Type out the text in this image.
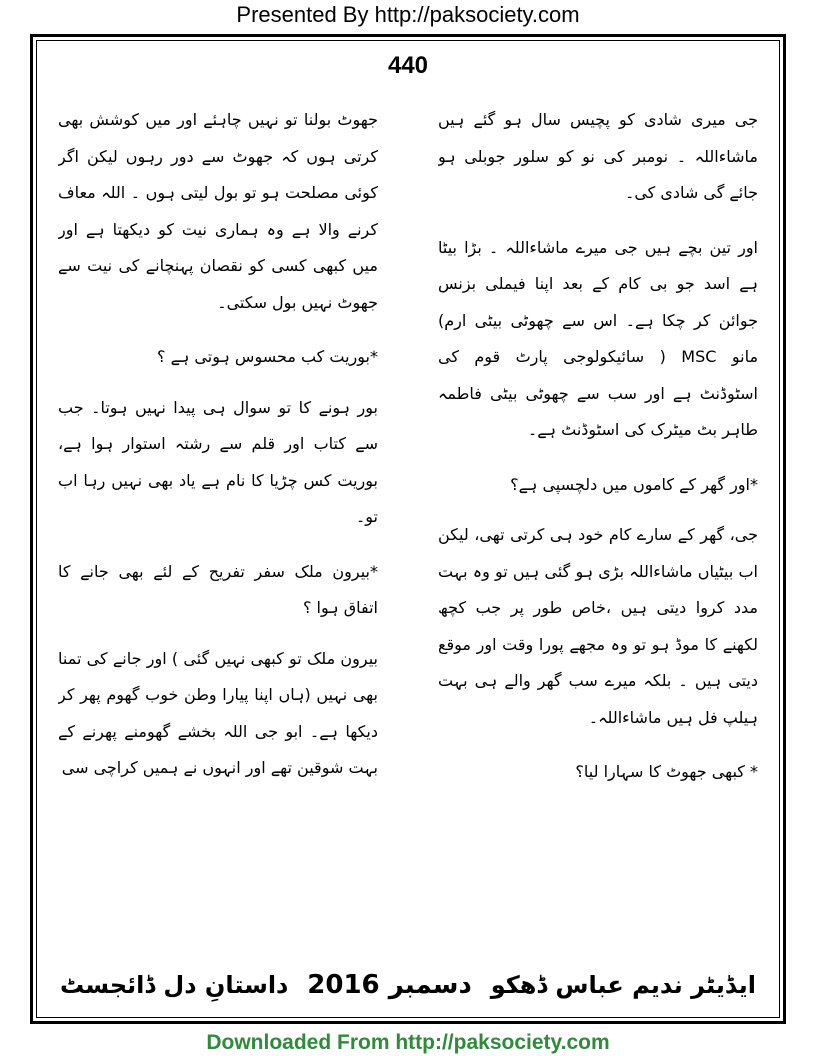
Presented By http://paksociety.com
440

جی میری شادی کو پچیس سال ہو گئے ہیں ماشاءاللہ ۔ نومبر کی نو کو سلور جوبلی ہو جائے گی شادی کی۔

اور تین بچے ہیں جی میرے ماشاءاللہ ۔ بڑا بیٹا ہے اسد جو بی کام کے بعد اپنا فیملی بزنس جوائن کر چکا ہے۔ اس سے چھوٹی بیٹی ارم) مانو MSC ( سائیکولوجی پارٹ قوم کی اسٹوڈنٹ ہے اور سب سے چھوٹی بیٹی فاطمہ طاہر بٹ میٹرک کی اسٹوڈنٹ ہے۔

*اور گھر کے کاموں میں دلچسپی ہے؟

جی، گھر کے سارے کام خود ہی کرتی تھی، لیکن اب بیٹیاں ماشاءاللہ بڑی ہو گئی ہیں تو وہ بہت مدد کروا دیتی ہیں ،خاص طور پر جب کچھ لکھنے کا موڈ ہو تو وہ مجھے پورا وقت اور موقع دیتی ہیں ۔ بلکہ میرے سب گھر والے ہی بہت ہیلپ فل ہیں ماشاءاللہ۔

* کبھی جھوٹ کا سہارا لیا؟

جھوٹ بولنا تو نہیں چاہئے اور میں کوشش بھی کرتی ہوں کہ جھوٹ سے دور رہوں لیکن اگر کوئی مصلحت ہو تو بول لیتی ہوں ۔ اللہ معاف کرنے والا ہے وہ ہماری نیت کو دیکھتا ہے اور میں کبھی کسی کو نقصان پہنچانے کی نیت سے جھوٹ نہیں بول سکتی۔

*بوریت کب محسوس ہوتی ہے ؟

بور ہونے کا تو سوال ہی پیدا نہیں ہوتا۔ جب سے کتاب اور قلم سے رشتہ استوار ہوا ہے، بوریت کس چڑیا کا نام ہے یاد بھی نہیں رہا اب تو۔

*بیرون ملک سفر تفریح کے لئے بھی جانے کا اتفاق ہوا ؟

بیرون ملک تو کبھی نہیں گئی ) اور جانے کی تمنا بھی نہیں (ہاں اپنا پیارا وطن خوب گھوم پھر کر دیکھا ہے۔ ابو جی اللہ بخشے گھومنے پھرنے کے بہت شوقین تھے اور انہوں نے ہمیں کراچی سی

ایڈیٹر ندیم عباس ڈھکو
دسمبر 2016
داستانِ دل ڈائجسٹ
Downloaded From http://paksociety.com
